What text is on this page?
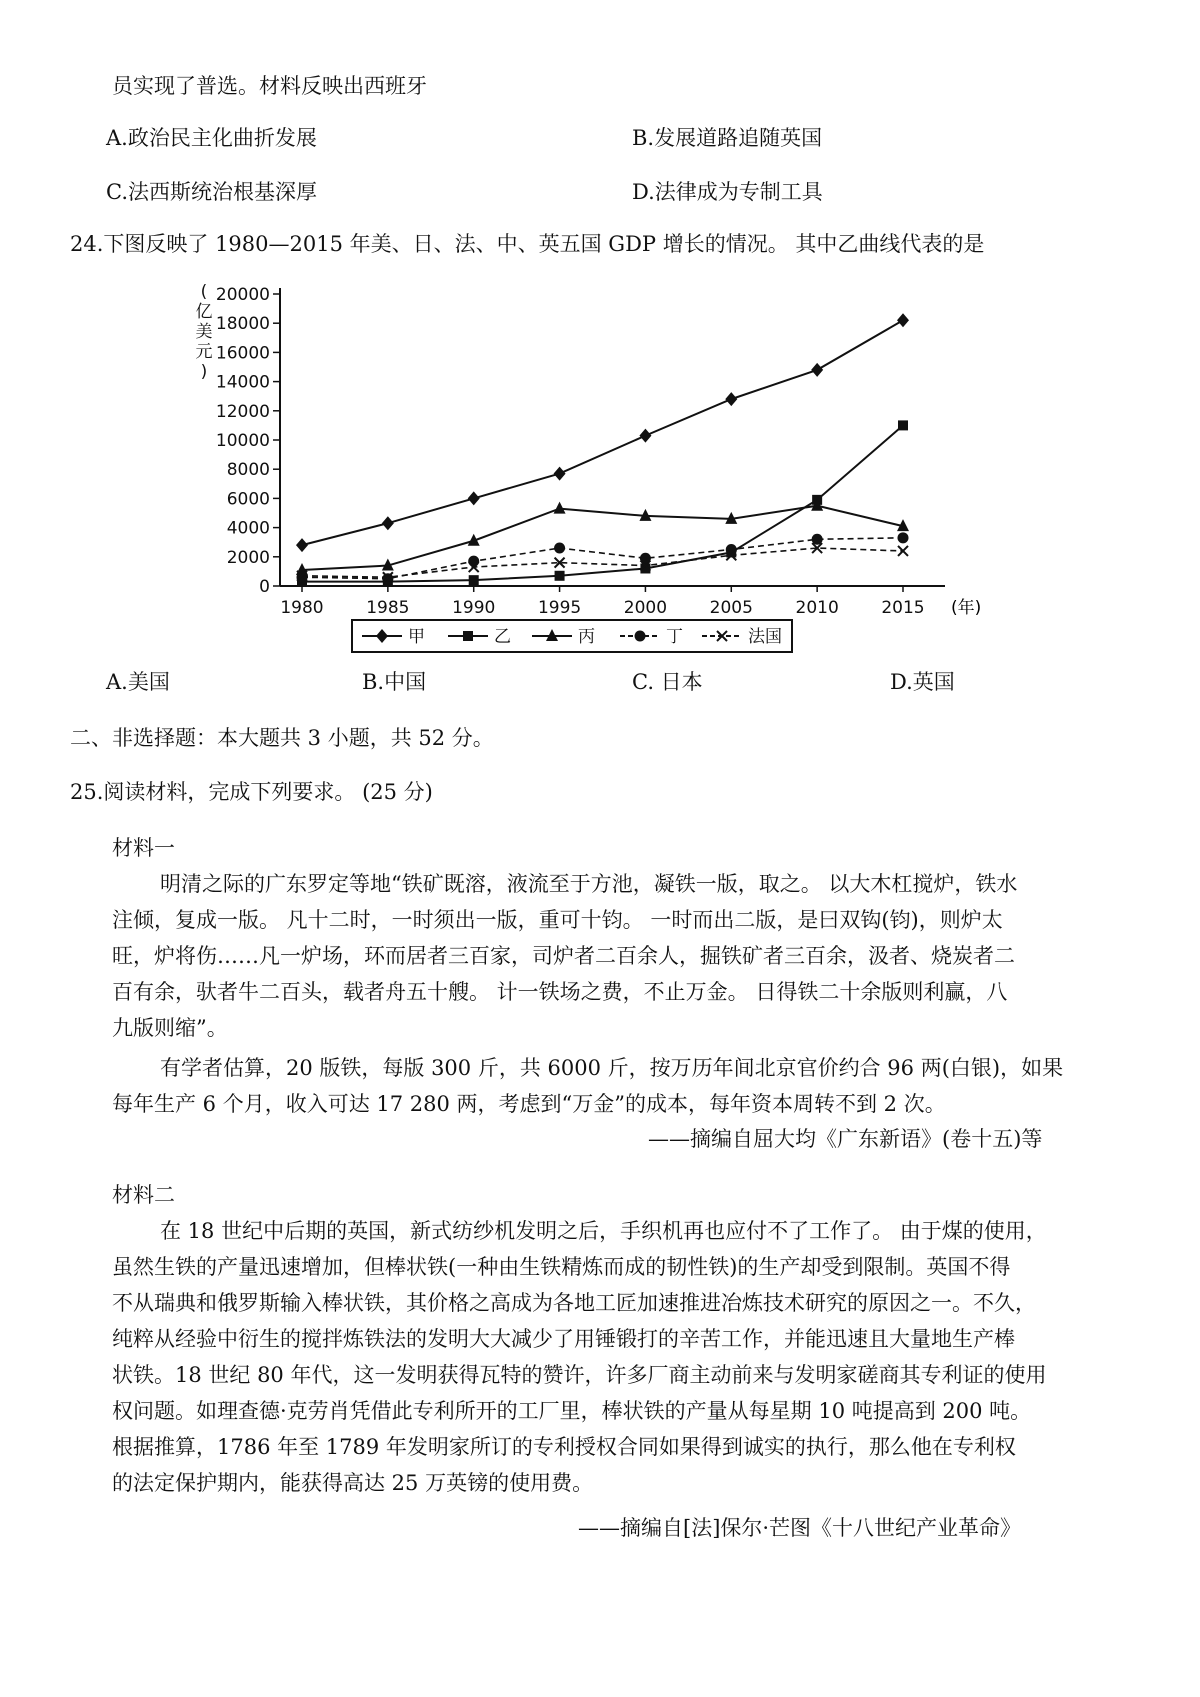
员实现了普选。材料反映出西班牙
A.政治民主化曲折发展	B.发展道路追随英国
C.法西斯统治根基深厚	D.法律成为专制工具
24.下图反映了 1980—2015 年美、日、法、中、英五国 GDP 增长的情况。 其中乙曲线代表的是
0
2000
4000
6000
8000
10000
12000
14000
16000
18000
20000
1980	1985	1990	1995	2000	2005	2010	2015
(
亿
美
元
)
(年)
甲	乙	丙	丁	法国
A.美国	B.中国	C. 日本	D.英国
二、非选择题：本大题共 3 小题，共 52 分。
25.阅读材料，完成下列要求。 (25 分)
材料一
明清之际的广东罗定等地“铁矿既溶，液流至于方池，凝铁一版，取之。 以大木杠搅炉，铁水
注倾，复成一版。 凡十二时，一时须出一版，重可十钧。 一时而出二版，是曰双钩(钧)，则炉太
旺，炉将伤……凡一炉场，环而居者三百家，司炉者二百余人，掘铁矿者三百余，汲者、烧炭者二
百有余，驮者牛二百头，载者舟五十艘。 计一铁场之费，不止万金。 日得铁二十余版则利赢，八
九版则缩”。
有学者估算，20 版铁，每版 300 斤，共 6000 斤，按万历年间北京官价约合 96 两(白银)，如果
每年生产 6 个月，收入可达 17 280 两，考虑到“万金”的成本，每年资本周转不到 2 次。
——摘编自屈大均《广东新语》(卷十五)等
材料二
在 18 世纪中后期的英国，新式纺纱机发明之后，手织机再也应付不了工作了。 由于煤的使用，
虽然生铁的产量迅速增加，但棒状铁(一种由生铁精炼而成的韧性铁)的生产却受到限制。英国不得
不从瑞典和俄罗斯输入棒状铁，其价格之高成为各地工匠加速推进冶炼技术研究的原因之一。不久，
纯粹从经验中衍生的搅拌炼铁法的发明大大减少了用锤锻打的辛苦工作，并能迅速且大量地生产棒
状铁。18 世纪 80 年代，这一发明获得瓦特的赞许，许多厂商主动前来与发明家磋商其专利证的使用
权问题。如理查德·克劳肖凭借此专利所开的工厂里，棒状铁的产量从每星期 10 吨提高到 200 吨。
根据推算，1786 年至 1789 年发明家所订的专利授权合同如果得到诚实的执行，那么他在专利权
的法定保护期内，能获得高达 25 万英镑的使用费。
——摘编自[法]保尔·芒图《十八世纪产业革命》
